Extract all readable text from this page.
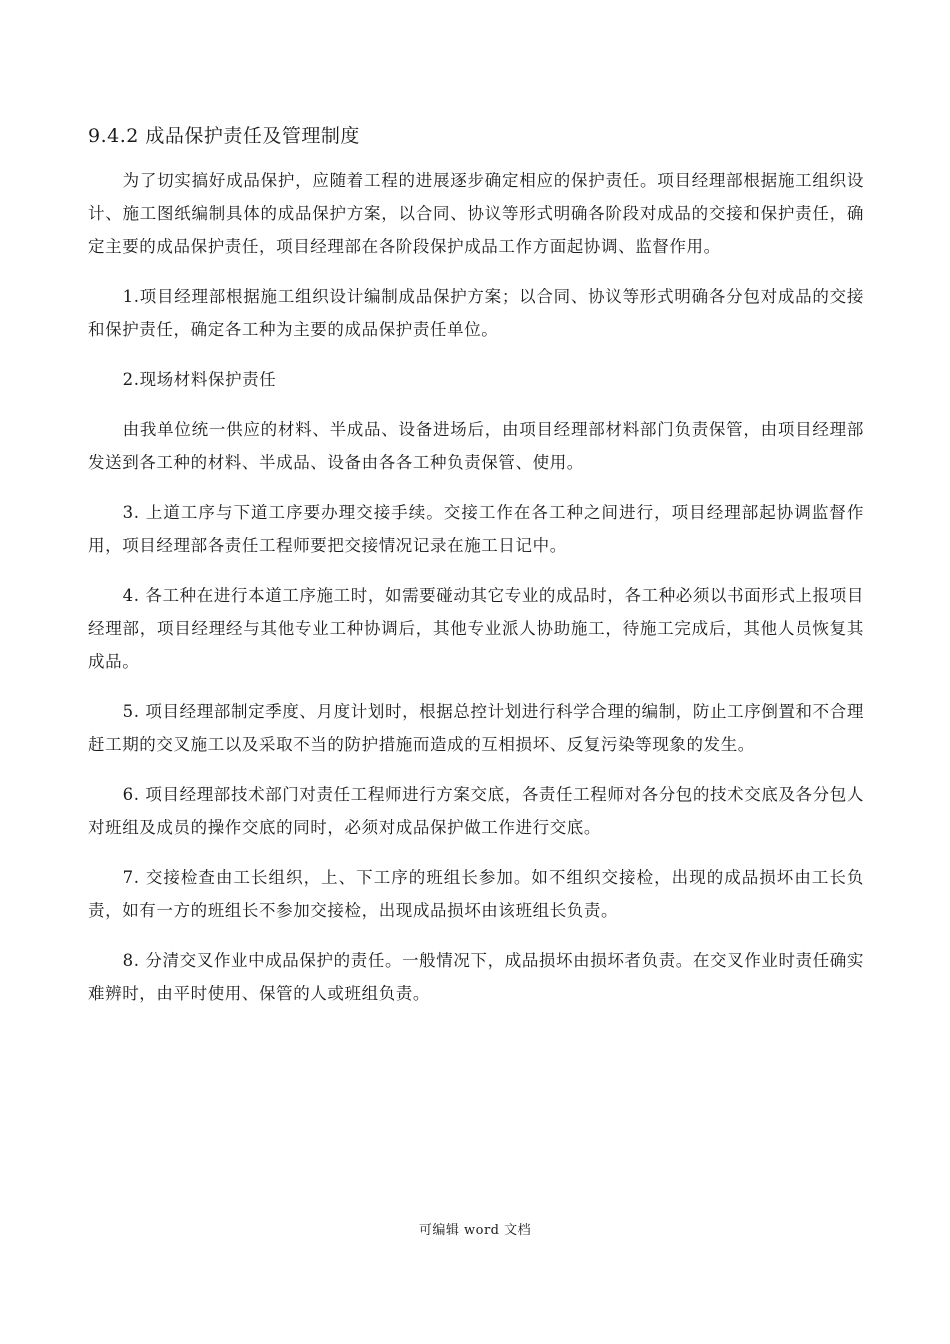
9.4.2 成品保护责任及管理制度

为了切实搞好成品保护，应随着工程的进展逐步确定相应的保护责任。项目经理部根据施工组织设计、施工图纸编制具体的成品保护方案，以合同、协议等形式明确各阶段对成品的交接和保护责任，确定主要的成品保护责任，项目经理部在各阶段保护成品工作方面起协调、监督作用。

1.项目经理部根据施工组织设计编制成品保护方案；以合同、协议等形式明确各分包对成品的交接和保护责任，确定各工种为主要的成品保护责任单位。

2.现场材料保护责任

由我单位统一供应的材料、半成品、设备进场后，由项目经理部材料部门负责保管，由项目经理部发送到各工种的材料、半成品、设备由各各工种负责保管、使用。

3. 上道工序与下道工序要办理交接手续。交接工作在各工种之间进行，项目经理部起协调监督作用，项目经理部各责任工程师要把交接情况记录在施工日记中。

4. 各工种在进行本道工序施工时，如需要碰动其它专业的成品时，各工种必须以书面形式上报项目经理部，项目经理经与其他专业工种协调后，其他专业派人协助施工，待施工完成后，其他人员恢复其成品。

5. 项目经理部制定季度、月度计划时，根据总控计划进行科学合理的编制，防止工序倒置和不合理赶工期的交叉施工以及采取不当的防护措施而造成的互相损坏、反复污染等现象的发生。

6. 项目经理部技术部门对责任工程师进行方案交底，各责任工程师对各分包的技术交底及各分包人对班组及成员的操作交底的同时，必须对成品保护做工作进行交底。

7. 交接检查由工长组织，上、下工序的班组长参加。如不组织交接检，出现的成品损坏由工长负责，如有一方的班组长不参加交接检，出现成品损坏由该班组长负责。

8. 分清交叉作业中成品保护的责任。一般情况下，成品损坏由损坏者负责。在交叉作业时责任确实难辨时，由平时使用、保管的人或班组负责。

可编辑 word 文档
